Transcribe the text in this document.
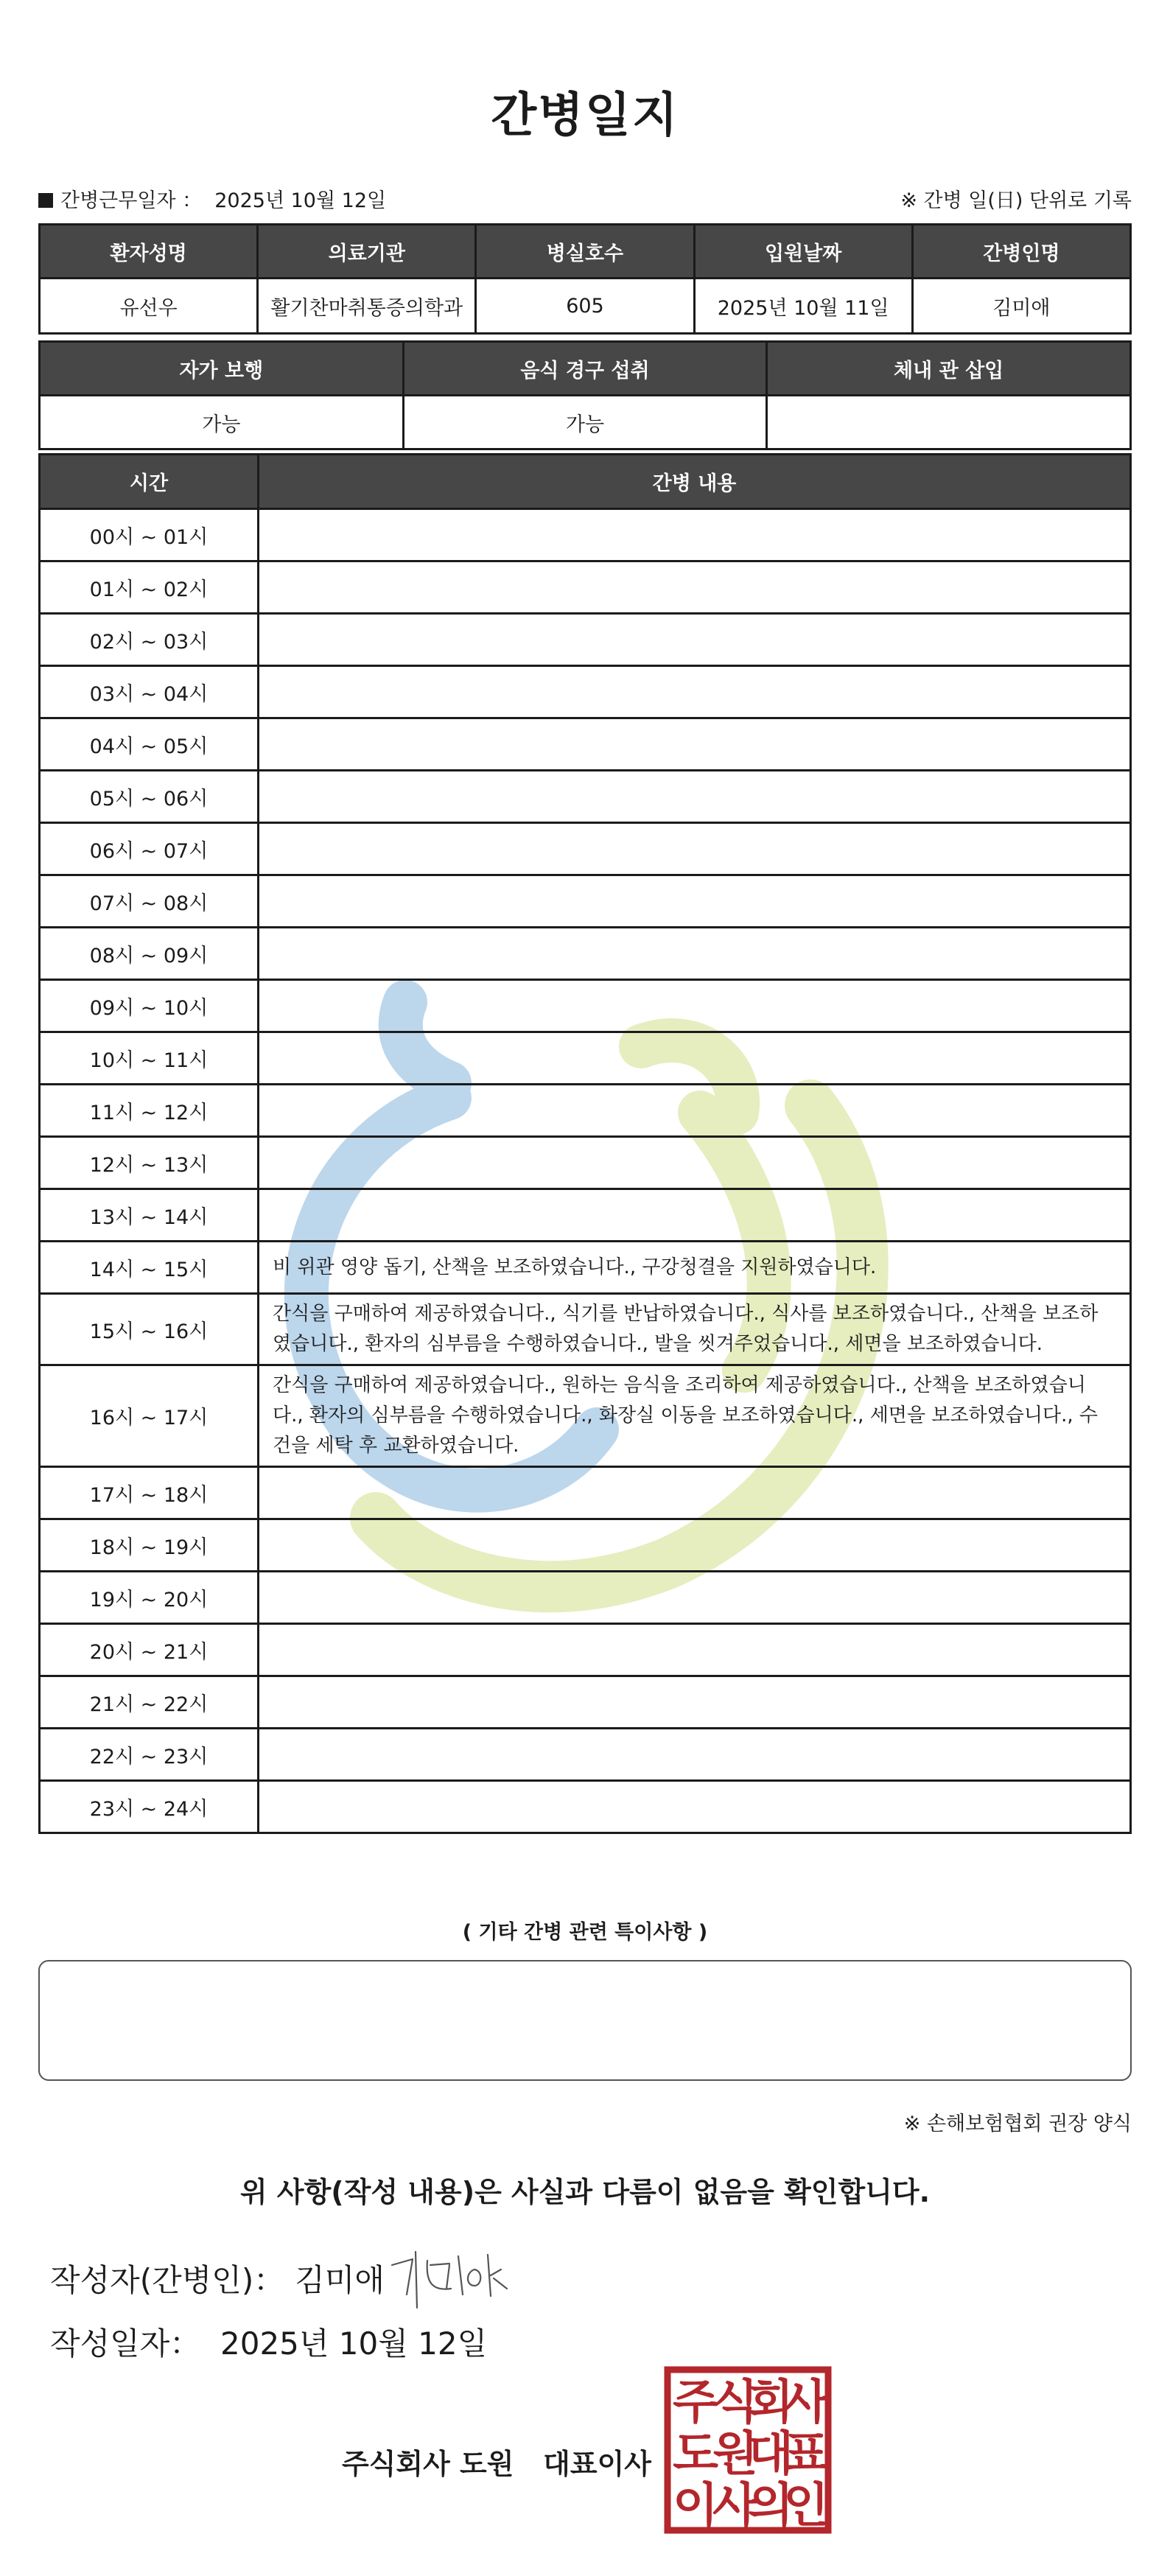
간병일지
간병근무일자 ： 2025년 10월 12일	※ 간병 일(日) 단위로 기록
환자성명	의료기관	병실호수	입원날짜	간병인명
유선우	활기찬마취통증의학과	605	2025년 10월 11일	김미애
자가 보행	음식 경구 섭취	체내 관 삽입
가능	가능	
시간	간병 내용
00시 ~ 01시	
01시 ~ 02시	
02시 ~ 03시	
03시 ~ 04시	
04시 ~ 05시	
05시 ~ 06시	
06시 ~ 07시	
07시 ~ 08시	
08시 ~ 09시	
09시 ~ 10시	
10시 ~ 11시	
11시 ~ 12시	
12시 ~ 13시	
13시 ~ 14시	
14시 ~ 15시	비 위관 영양 돕기, 산책을 보조하였습니다., 구강청결을 지원하였습니다.
15시 ~ 16시	간식을 구매하여 제공하였습니다., 식기를 반납하였습니다., 식사를 보조하였습니다., 산책을 보조하였습니다., 환자의 심부름을 수행하였습니다., 발을 씻겨주었습니다., 세면을 보조하였습니다.
16시 ~ 17시	간식을 구매하여 제공하였습니다., 원하는 음식을 조리하여 제공하였습니다., 산책을 보조하였습니다., 환자의 심부름을 수행하였습니다., 화장실 이동을 보조하였습니다., 세면을 보조하였습니다., 수건을 세탁 후 교환하였습니다.
17시 ~ 18시	
18시 ~ 19시	
19시 ~ 20시	
20시 ~ 21시	
21시 ~ 22시	
22시 ~ 23시	
23시 ~ 24시	
( 기타 간병 관련 특이사항 )
※ 손해보험협회 권장 양식
위 사항(작성 내용)은 사실과 다름이 없음을 확인합니다.
작성자(간병인)： 김미애
작성일자： 2025년 10월 12일
주식회사 도원   대표이사
주
식
회
사
도
원
대
표
이
사
의
인
